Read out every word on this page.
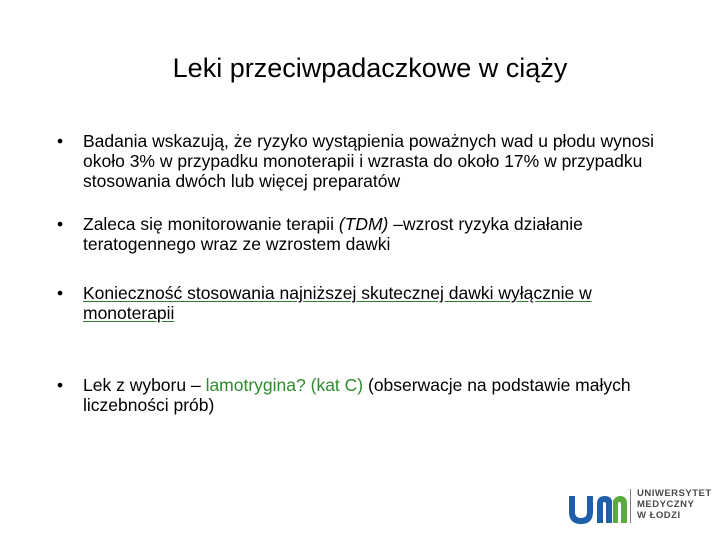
Leki przeciwpadaczkowe w ciąży
• Badania wskazują, że ryzyko wystąpienia poważnych wad u płodu wynosi około 3% w przypadku monoterapii i wzrasta do około 17% w przypadku stosowania dwóch lub więcej preparatów
• Zaleca się monitorowanie terapii (TDM) –wzrost ryzyka działanie teratogennego wraz ze wzrostem dawki
• Konieczność stosowania najniższej skutecznej dawki wyłącznie w monoterapii
• Lek z wyboru – lamotrygina? (kat C) (obserwacje na podstawie małych liczebności prób)
UNIWERSYTET
MEDYCZNY
W ŁODZI
